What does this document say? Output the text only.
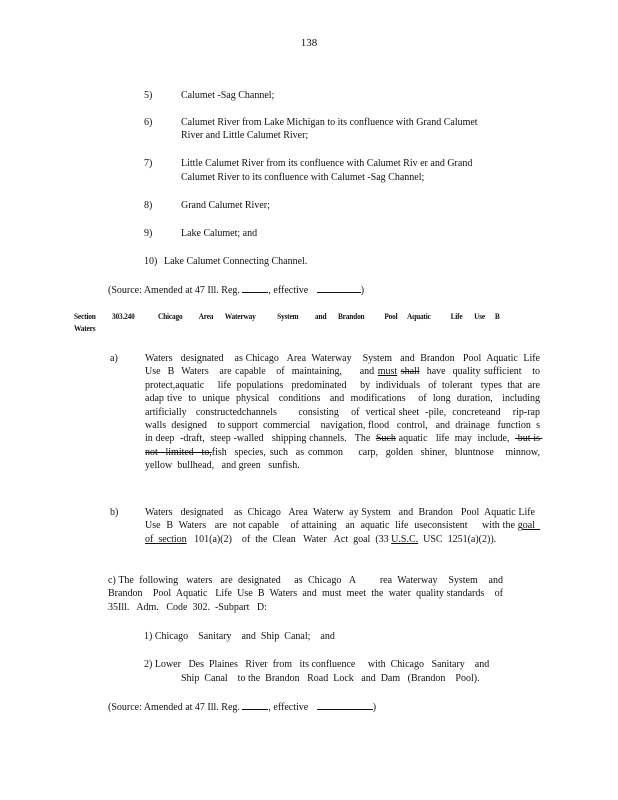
138
5)	Calumet -Sag Channel;
6)	Calumet River from Lake Michigan to its confluence with Grand Calumet
River and Little Calumet River;
7)	Little Calumet River from its confluence with Calumet Riv er and Grand
Calumet River to its confluence with Calumet -Sag Channel;
8)	Grand Calumet River;
9)	Lake Calumet; and
10) Lake Calumet Connecting Channel.
(Source: Amended at 47 Ill. Reg.	, effective	)
Section 303.240	Chicago          Area       Waterway             System          and       Brandon            Pool      Aquatic            Life       Use      B
Waters
a)	Waters   designated    as Chicago   Area  Waterway    System   and  Brandon   Pool  Aquatic  Life   Use  B  Waters   are capable   of  maintaining,     and must shall  have  quality sufficient   to protect,aquatic     life  populations   predominated     by  individuals   of  tolerant   types  that  are  adap tive  to  unique  physical   conditions   and  modifications    of  long  duration,   including   artificially   constructedchannels       consisting    of  vertical sheet  -pile,  concreteand    rip-rap   walls  designed    to support  commercial    navigation, flood   control,   and  drainage   function  s in deep  -draft,  steep -walled   shipping channels.   The  Such aquatic   life  may  include,   but is not  limited  to,fish  species, such  as common    carp,  golden  shiner,  bluntnose   minnow,   yellow  bullhead,   and green   sunfish.
b)	Waters   designated    as  Chicago   Area  Waterw  ay System   and  Brandon   Pool  Aquatic Life  Use  B  Waters   are  not capable    of attaining   an  aquatic  life  useconsistent     with the goal  of  section   101(a)(2)    of  the  Clean   Water   Act  goal  (33 U.S.C.  USC  1251(a)(2)).
c) The  following   waters   are  designated     as  Chicago   A         rea  Waterway    System    and  Brandon    Pool  Aquatic   Life  Use  B  Waters  and  must  meet  the  water  quality standards    of  35Ill.   Adm.   Code  302.  -Subpart   D:
1) Chicago    Sanitary    and  Ship  Canal;    and
2) Lower   Des  Plaines   River  from   its confluence     with  Chicago   Sanitary    and
Ship  Canal    to the  Brandon   Road  Lock   and  Dam   (Brandon    Pool).
(Source: Amended at 47 Ill. Reg.	, effective	)
